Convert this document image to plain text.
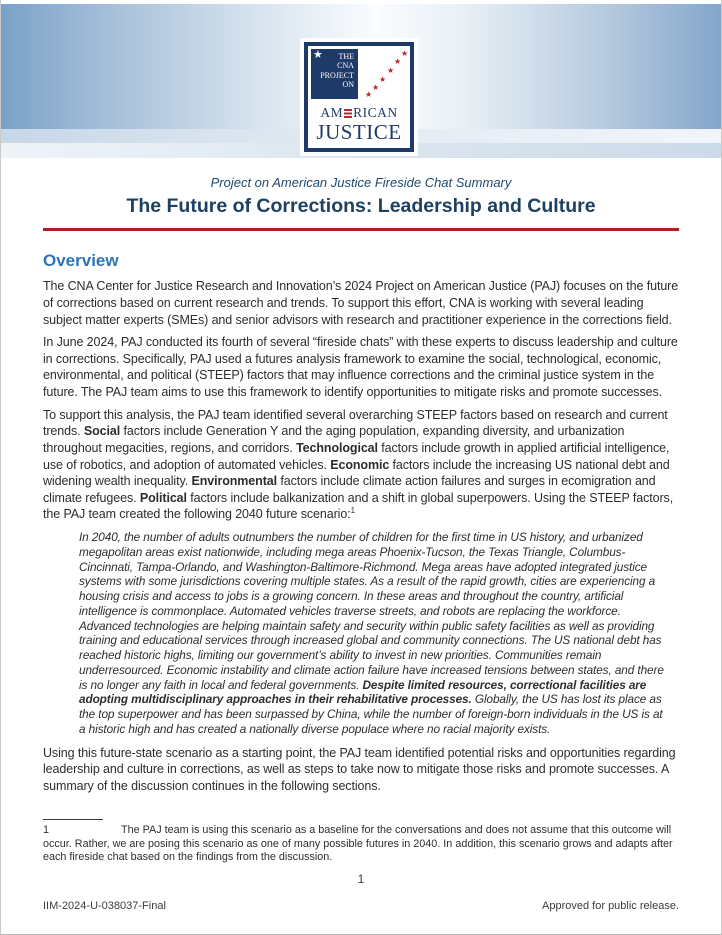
★
THE
CNA
PROJECT
ON
★
★
★
★
★
★
AM RICAN
JUSTICE
Project on American Justice Fireside Chat Summary
The Future of Corrections: Leadership and Culture
Overview

The CNA Center for Justice Research and Innovation’s 2024 Project on American Justice (PAJ) focuses on the future of corrections based on current research and trends. To support this effort, CNA is working with several leading subject matter experts (SMEs) and senior advisors with research and practitioner experience in the corrections field.

In June 2024, PAJ conducted its fourth of several “fireside chats” with these experts to discuss leadership and culture in corrections. Specifically, PAJ used a futures analysis framework to examine the social, technological, economic, environmental, and political (STEEP) factors that may influence corrections and the criminal justice system in the future. The PAJ team aims to use this framework to identify opportunities to mitigate risks and promote successes.

To support this analysis, the PAJ team identified several overarching STEEP factors based on research and current trends. Social factors include Generation Y and the aging population, expanding diversity, and urbanization throughout megacities, regions, and corridors. Technological factors include growth in applied artificial intelligence, use of robotics, and adoption of automated vehicles. Economic factors include the increasing US national debt and widening wealth inequality. Environmental factors include climate action failures and surges in ecomigration and climate refugees. Political factors include balkanization and a shift in global superpowers. Using the STEEP factors, the PAJ team created the following 2040 future scenario:$^1$

In 2040, the number of adults outnumbers the number of children for the first time in US history, and urbanized megapolitan areas exist nationwide, including mega areas Phoenix-Tucson, the Texas Triangle, Columbus-Cincinnati, Tampa-Orlando, and Washington-Baltimore-Richmond. Mega areas have adopted integrated justice systems with some jurisdictions covering multiple states. As a result of the rapid growth, cities are experiencing a housing crisis and access to jobs is a growing concern. In these areas and throughout the country, artificial intelligence is commonplace. Automated vehicles traverse streets, and robots are replacing the workforce. Advanced technologies are helping maintain safety and security within public safety facilities as well as providing training and educational services through increased global and community connections. The US national debt has reached historic highs, limiting our government’s ability to invest in new priorities. Communities remain underresourced. Economic instability and climate action failure have increased tensions between states, and there is no longer any faith in local and federal governments. Despite limited resources, correctional facilities are adopting multidisciplinary approaches in their rehabilitative processes. Globally, the US has lost its place as the top superpower and has been surpassed by China, while the number of foreign-born individuals in the US is at a historic high and has created a nationally diverse populace where no racial majority exists.

Using this future-state scenario as a starting point, the PAJ team identified potential risks and opportunities regarding leadership and culture in corrections, as well as steps to take now to mitigate those risks and promote successes. A summary of the discussion continues in the following sections.

1	The PAJ team is using this scenario as a baseline for the conversations and does not assume that this outcome will occur. Rather, we are posing this scenario as one of many possible futures in 2040. In addition, this scenario grows and adapts after each fireside chat based on the findings from the discussion.
1
IIM-2024-U-038037-Final	Approved for public release.
